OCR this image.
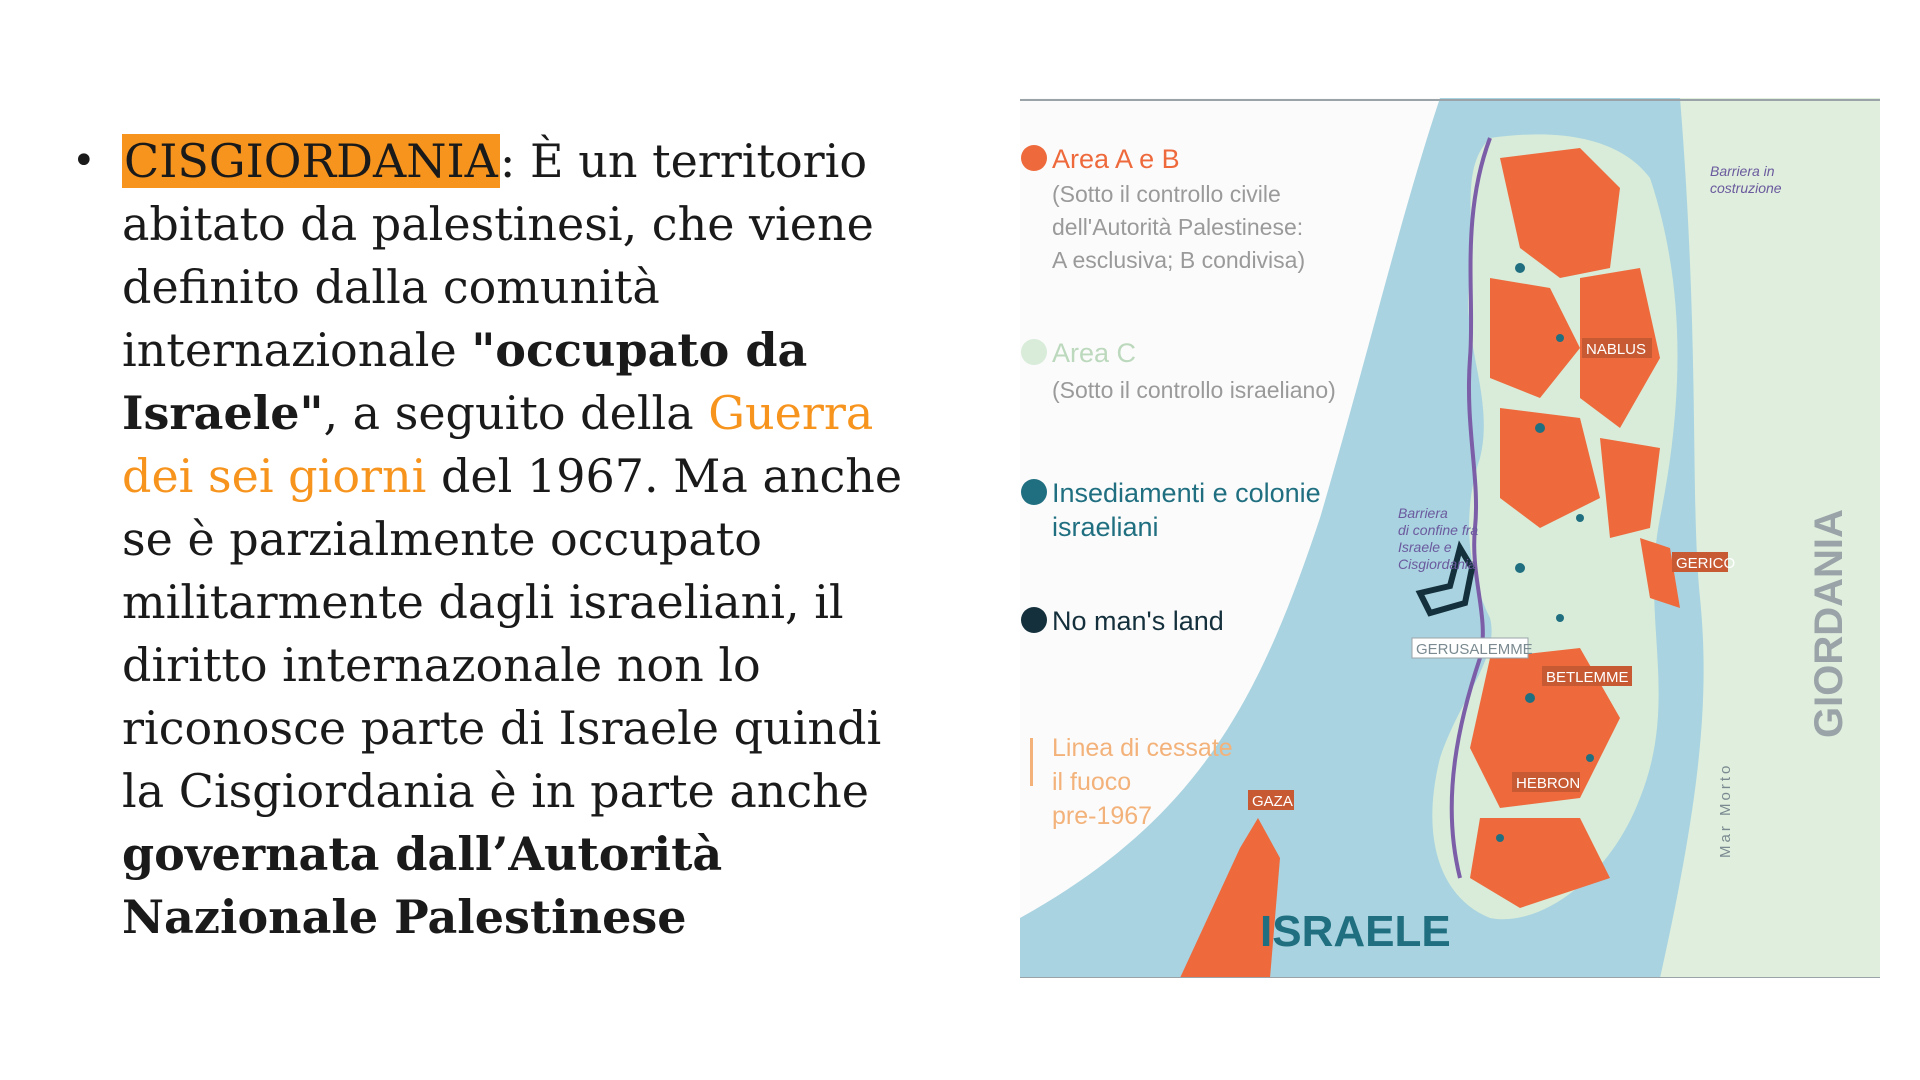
• CISGIORDANIA: È un territorio abitato da palestinesi, che viene definito dalla comunità internazionale "occupato da Israele", a seguito della Guerra dei sei giorni del 1967. Ma anche se è parzialmente occupato militarmente dagli israeliani, il diritto internazonale non lo riconosce parte di Israele quindi la Cisgiordania è in parte anche governata dall’Autorità Nazionale Palestinese
Area A e B
(Sotto il controllo civile
dell'Autorità Palestinese:
A esclusiva; B condivisa)
Area C
(Sotto il controllo israeliano)
Insediamenti e colonie
israeliani
No man's land
Linea di cessate
il fuoco
pre-1967
Barriera in
costruzione
Barriera
di confine fra
Israele e
Cisgiordania
NABLUS
GERICO
GERUSALEMME
BETLEMME
HEBRON
GAZA
ISRAELE
GIORDANIA
Mar Morto
